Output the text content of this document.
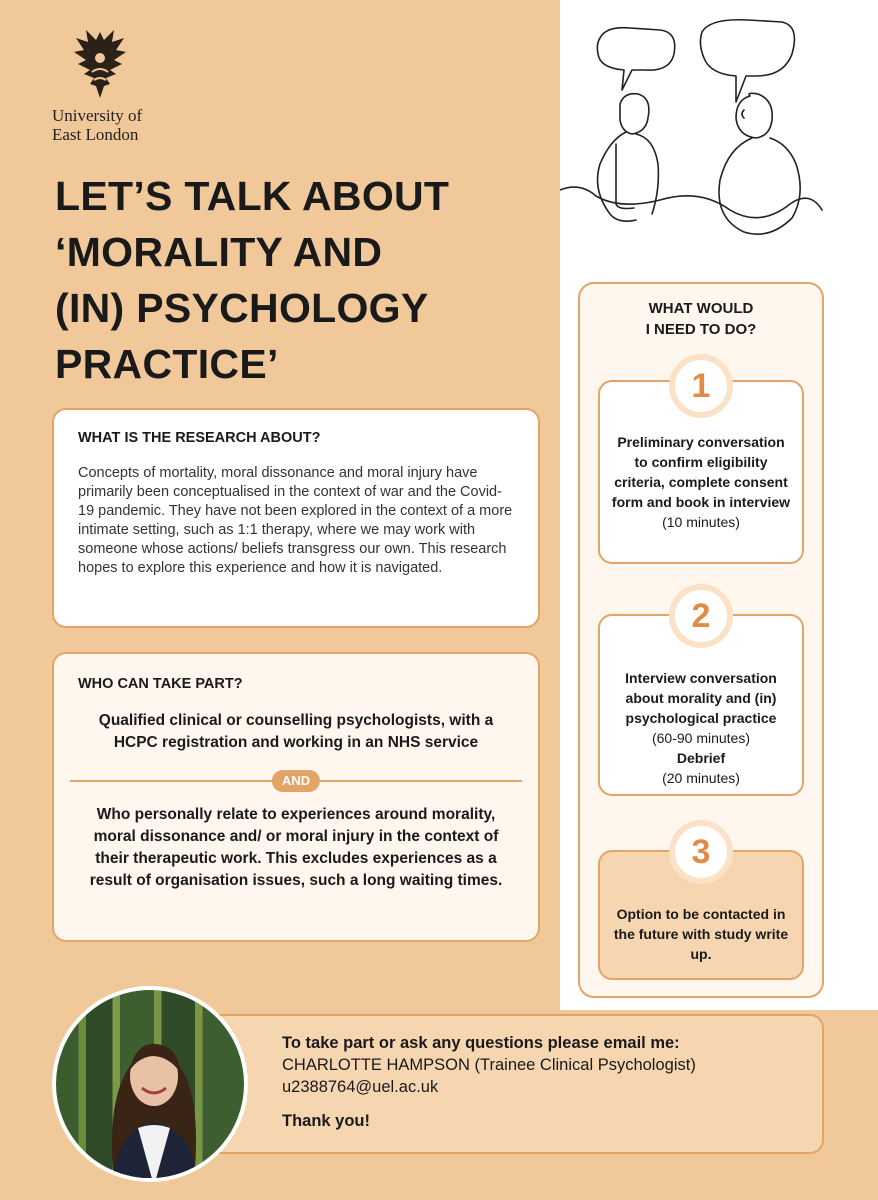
University of
East London
LET’S TALK ABOUT
‘MORALITY AND
(IN) PSYCHOLOGY
PRACTICE’
WHAT IS THE RESEARCH ABOUT?

Concepts of mortality, moral dissonance and moral injury have primarily been conceptualised in the context of war and the Covid-19 pandemic. They have not been explored in the context of a more intimate setting, such as 1:1 therapy, where we may work with someone whose actions/ beliefs transgress our own. This research hopes to explore this experience and how it is navigated.

WHO CAN TAKE PART?
Qualified clinical or counselling psychologists, with a HCPC registration and working in an NHS service
AND
Who personally relate to experiences around morality, moral dissonance and/ or moral injury in the context of their therapeutic work. This excludes experiences as a result of organisation issues, such a long waiting times.
WHAT WOULD
I NEED TO DO?
Preliminary conversation to confirm eligibility criteria, complete consent form and book in interview
(10 minutes)
1
Interview conversation about morality and (in) psychological practice
(60-90 minutes)
Debrief
(20 minutes)
2
Option to be contacted in the future with study write up.
3
To take part or ask any questions please email me:
CHARLOTTE HAMPSON (Trainee Clinical Psychologist)
u2388764@uel.ac.uk
Thank you!
